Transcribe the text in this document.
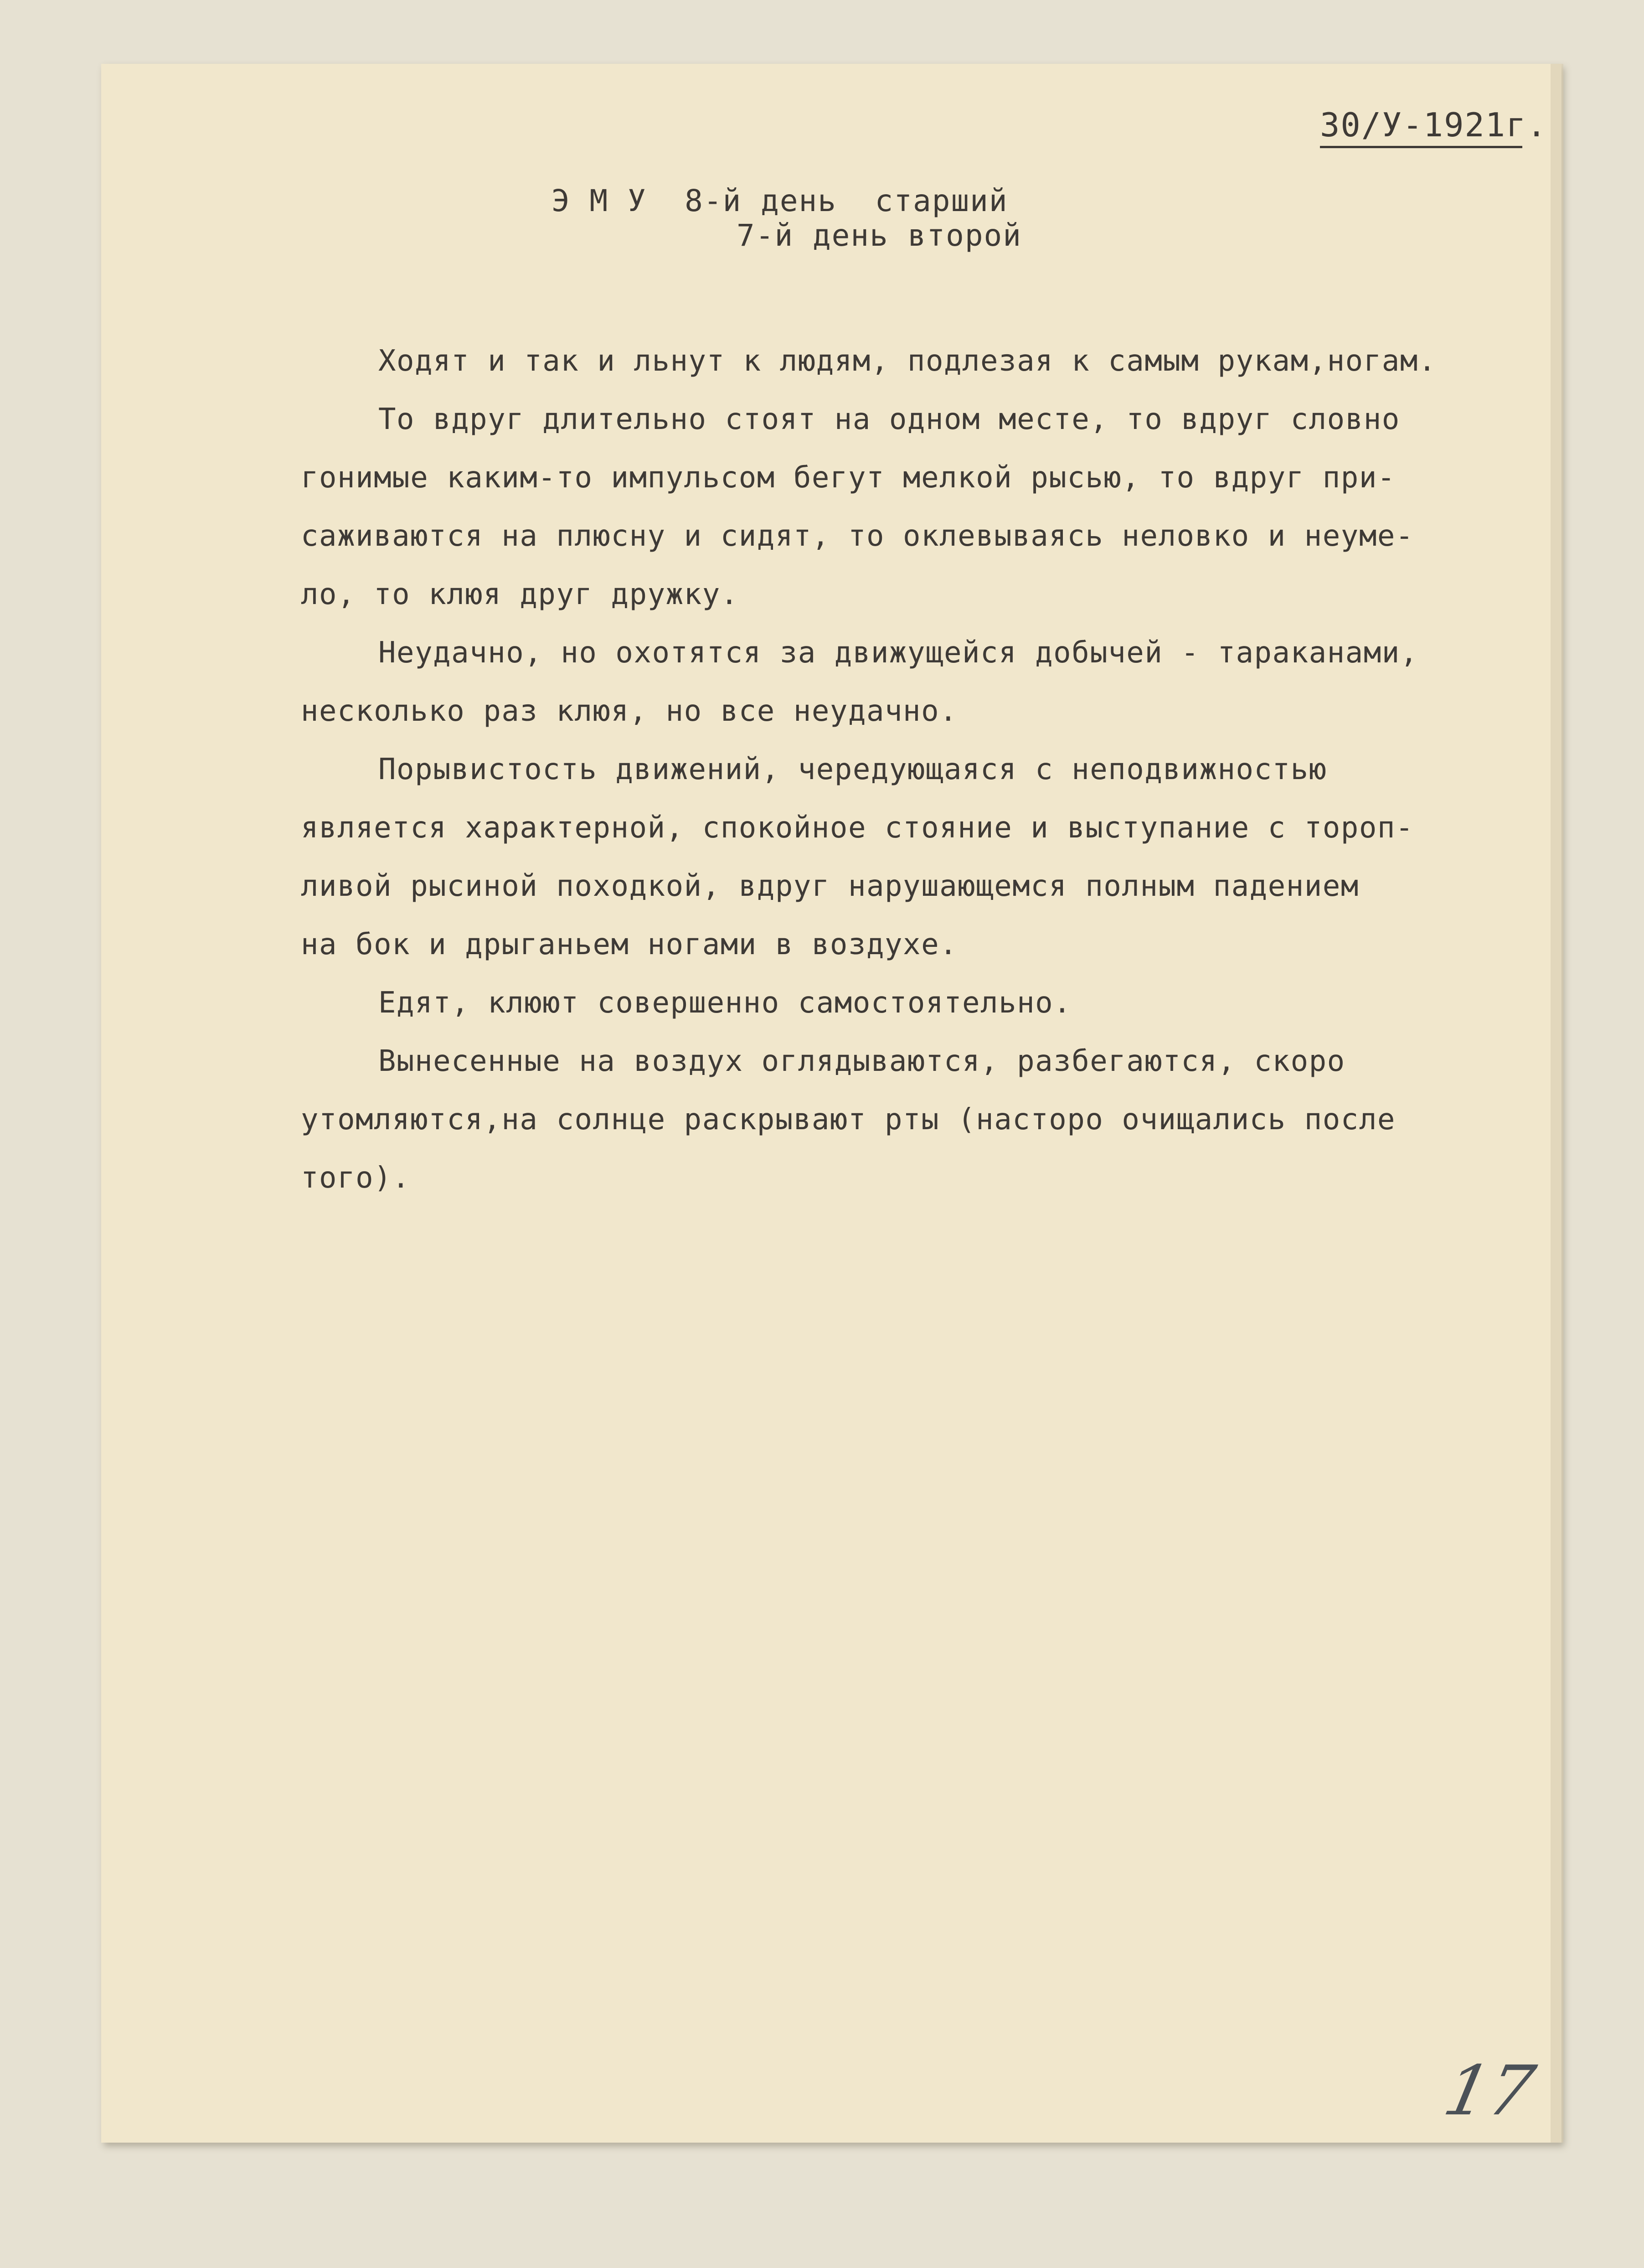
30/У-1921г.
Э М У  8-й день  старший
7-й день второй
Ходят и так и льнут к людям, подлезая к самым рукам,ногам.
То вдруг длительно стоят на одном месте, то вдруг словно
гонимые каким-то импульсом бегут мелкой рысью, то вдруг при-
саживаются на плюсну и сидят, то оклевываясь неловко и неуме-
ло, то клюя друг дружку.
Неудачно, но охотятся за движущейся добычей - тараканами,
несколько раз клюя, но все неудачно.
Порывистость движений, чередующаяся с неподвижностью
является характерной, спокойное стояние и выступание с тороп-
ливой рысиной походкой, вдруг нарушающемся полным падением
на бок и дрыганьем ногами в воздухе.
Едят, клюют совершенно самостоятельно.
Вынесенные на воздух оглядываются, разбегаются, скоро
утомляются,на солнце раскрывают рты (насторо очищались после
того).
17
